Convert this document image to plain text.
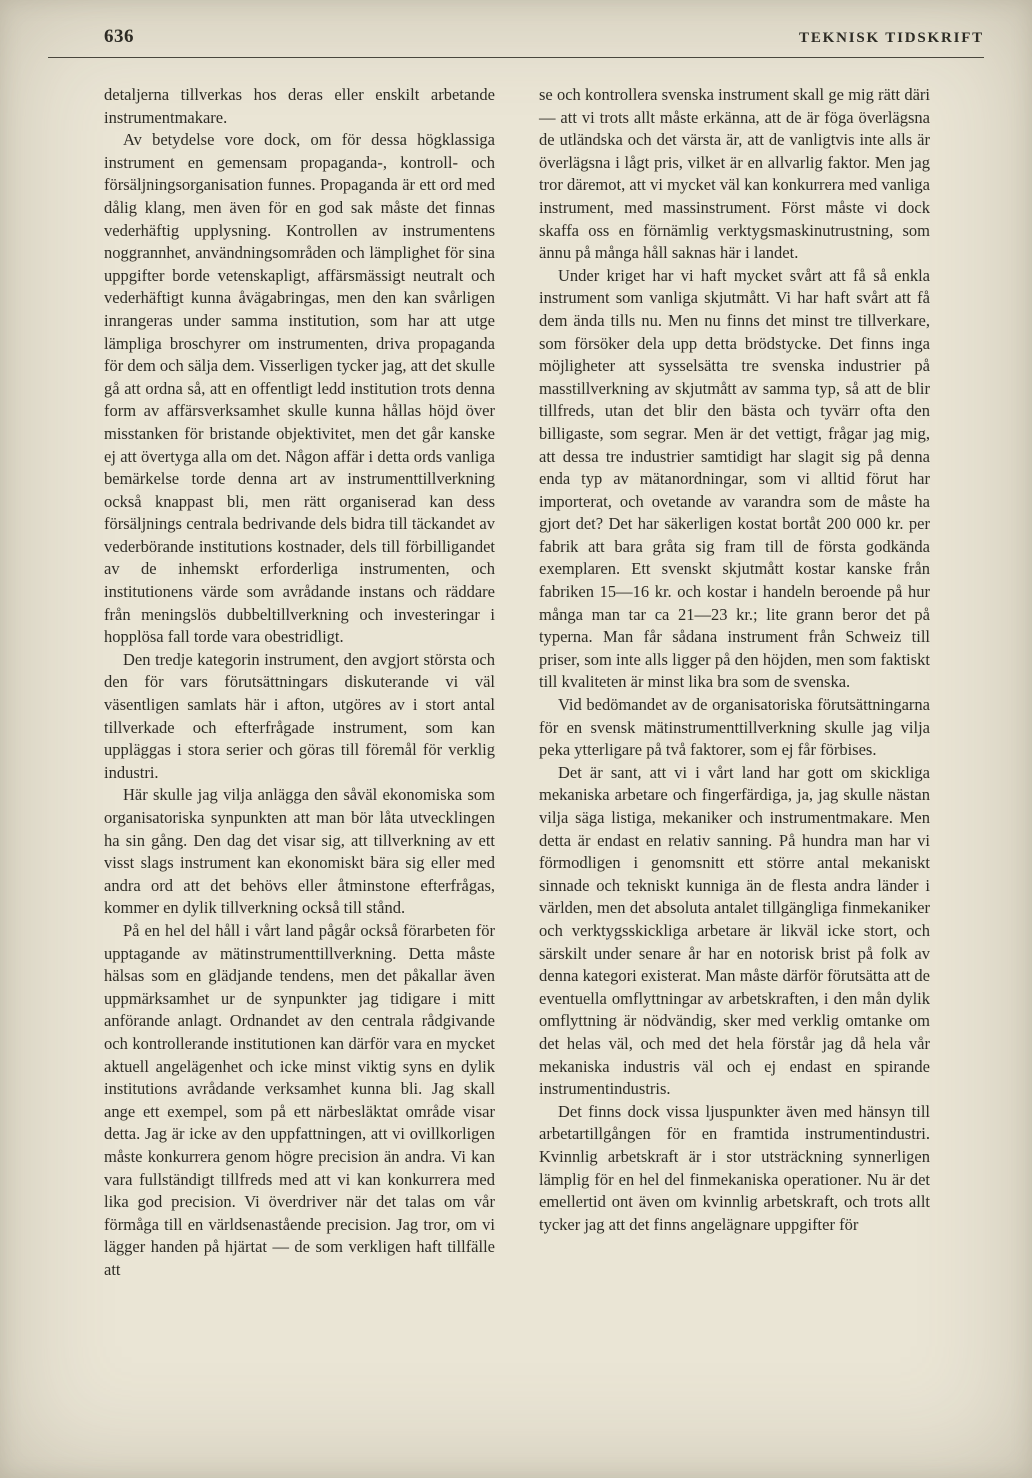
636	TEKNISK TIDSKRIFT

detaljerna tillverkas hos deras eller enskilt arbetande instrumentmakare.

Av betydelse vore dock, om för dessa högklassiga instrument en gemensam propaganda-, kontroll- och försäljningsorganisation funnes. Propaganda är ett ord med dålig klang, men även för en god sak måste det finnas vederhäftig upplysning. Kontrollen av instrumentens noggrannhet, användningsområden och lämplighet för sina uppgifter borde vetenskapligt, affärsmässigt neutralt och vederhäftigt kunna åvägabringas, men den kan svårligen inrangeras under samma institution, som har att utge lämpliga broschyrer om instrumenten, driva propaganda för dem och sälja dem. Visserligen tycker jag, att det skulle gå att ordna så, att en offentligt ledd institution trots denna form av affärsverksamhet skulle kunna hållas höjd över misstanken för bristande objektivitet, men det går kanske ej att övertyga alla om det. Någon affär i detta ords vanliga bemärkelse torde denna art av instrumenttillverkning också knappast bli, men rätt organiserad kan dess försäljnings centrala bedrivande dels bidra till täckandet av vederbörande institutions kostnader, dels till förbilligandet av de inhemskt erforderliga instrumenten, och institutionens värde som avrådande instans och räddare från meningslös dubbeltillverkning och investeringar i hopplösa fall torde vara obestridligt.

Den tredje kategorin instrument, den avgjort största och den för vars förutsättningars diskuterande vi väl väsentligen samlats här i afton, utgöres av i stort antal tillverkade och efterfrågade instrument, som kan uppläggas i stora serier och göras till föremål för verklig industri.

Här skulle jag vilja anlägga den såväl ekonomiska som organisatoriska synpunkten att man bör låta utvecklingen ha sin gång. Den dag det visar sig, att tillverkning av ett visst slags instrument kan ekonomiskt bära sig eller med andra ord att det behövs eller åtminstone efterfrågas, kommer en dylik tillverkning också till stånd.

På en hel del håll i vårt land pågår också förarbeten för upptagande av mätinstrumenttillverkning. Detta måste hälsas som en glädjande tendens, men det påkallar även uppmärksamhet ur de synpunkter jag tidigare i mitt anförande anlagt. Ordnandet av den centrala rådgivande och kontrollerande institutionen kan därför vara en mycket aktuell angelägenhet och icke minst viktig syns en dylik institutions avrådande verksamhet kunna bli. Jag skall ange ett exempel, som på ett närbesläktat område visar detta. Jag är icke av den uppfattningen, att vi ovillkorligen måste konkurrera genom högre precision än andra. Vi kan vara fullständigt tillfreds med att vi kan konkurrera med lika god precision. Vi överdriver när det talas om vår förmåga till en världsenastående precision. Jag tror, om vi lägger handen på hjärtat — de som verkligen haft tillfälle att

se och kontrollera svenska instrument skall ge mig rätt däri — att vi trots allt måste erkänna, att de är föga överlägsna de utländska och det värsta är, att de vanligtvis inte alls är överlägsna i lågt pris, vilket är en allvarlig faktor. Men jag tror däremot, att vi mycket väl kan konkurrera med vanliga instrument, med massinstrument. Först måste vi dock skaffa oss en förnämlig verktygsmaskinutrustning, som ännu på många håll saknas här i landet.

Under kriget har vi haft mycket svårt att få så enkla instrument som vanliga skjutmått. Vi har haft svårt att få dem ända tills nu. Men nu finns det minst tre tillverkare, som försöker dela upp detta brödstycke. Det finns inga möjligheter att sysselsätta tre svenska industrier på masstillverkning av skjutmått av samma typ, så att de blir tillfreds, utan det blir den bästa och tyvärr ofta den billigaste, som segrar. Men är det vettigt, frågar jag mig, att dessa tre industrier samtidigt har slagit sig på denna enda typ av mätanordningar, som vi alltid förut har importerat, och ovetande av varandra som de måste ha gjort det? Det har säkerligen kostat bortåt 200 000 kr. per fabrik att bara gråta sig fram till de första godkända exemplaren. Ett svenskt skjutmått kostar kanske från fabriken 15—16 kr. och kostar i handeln beroende på hur många man tar ca 21—23 kr.; lite grann beror det på typerna. Man får sådana instrument från Schweiz till priser, som inte alls ligger på den höjden, men som faktiskt till kvaliteten är minst lika bra som de svenska.

Vid bedömandet av de organisatoriska förutsättningarna för en svensk mätinstrumenttillverkning skulle jag vilja peka ytterligare på två faktorer, som ej får förbises.

Det är sant, att vi i vårt land har gott om skickliga mekaniska arbetare och fingerfärdiga, ja, jag skulle nästan vilja säga listiga, mekaniker och instrumentmakare. Men detta är endast en relativ sanning. På hundra man har vi förmodligen i genomsnitt ett större antal mekaniskt sinnade och tekniskt kunniga än de flesta andra länder i världen, men det absoluta antalet tillgängliga finmekaniker och verktygsskickliga arbetare är likväl icke stort, och särskilt under senare år har en notorisk brist på folk av denna kategori existerat. Man måste därför förutsätta att de eventuella omflyttningar av arbetskraften, i den mån dylik omflyttning är nödvändig, sker med verklig omtanke om det helas väl, och med det hela förstår jag då hela vår mekaniska industris väl och ej endast en spirande instrumentindustris.

Det finns dock vissa ljuspunkter även med hänsyn till arbetartillgången för en framtida instrumentindustri. Kvinnlig arbetskraft är i stor utsträckning synnerligen lämplig för en hel del finmekaniska operationer. Nu är det emellertid ont även om kvinnlig arbetskraft, och trots allt tycker jag att det finns angelägnare uppgifter för
